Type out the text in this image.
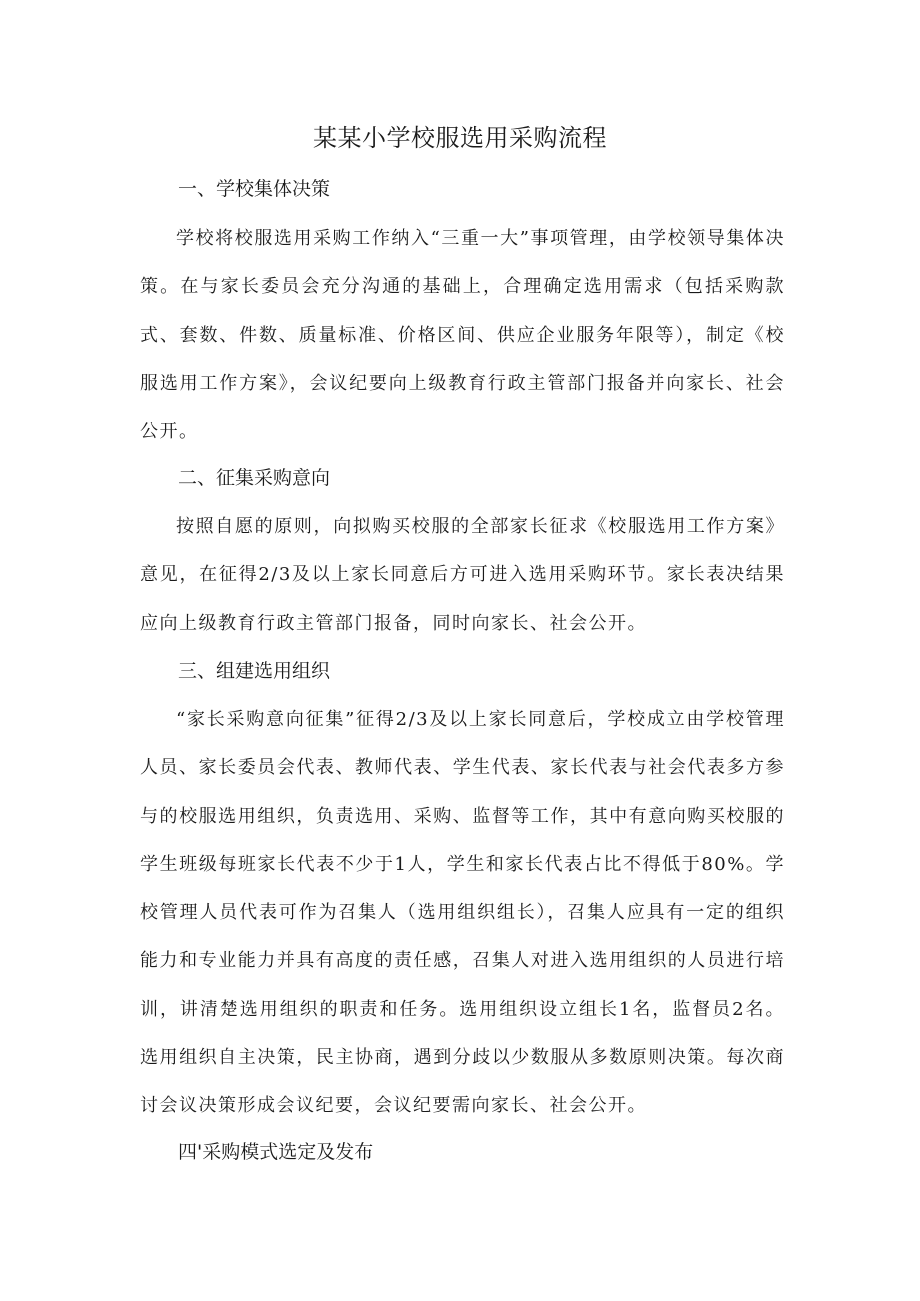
某某小学校服选用采购流程
一、学校集体决策

学校将校服选用采购工作纳入“三重一大”事项管理，由学校领导集体决策。在与家长委员会充分沟通的基础上，合理确定选用需求（包括采购款式、套数、件数、质量标准、价格区间、供应企业服务年限等），制定《校服选用工作方案》，会议纪要向上级教育行政主管部门报备并向家长、社会公开。

二、征集采购意向

按照自愿的原则，向拟购买校服的全部家长征求《校服选用工作方案》意见，在征得2/3及以上家长同意后方可进入选用采购环节。家长表决结果应向上级教育行政主管部门报备，同时向家长、社会公开。

三、组建选用组织

“家长采购意向征集”征得2/3及以上家长同意后，学校成立由学校管理人员、家长委员会代表、教师代表、学生代表、家长代表与社会代表多方参与的校服选用组织，负责选用、采购、监督等工作，其中有意向购买校服的学生班级每班家长代表不少于1人，学生和家长代表占比不得低于80%。学校管理人员代表可作为召集人（选用组织组长），召集人应具有一定的组织能力和专业能力并具有高度的责任感，召集人对进入选用组织的人员进行培训，讲清楚选用组织的职责和任务。选用组织设立组长1名，监督员2名。选用组织自主决策，民主协商，遇到分歧以少数服从多数原则决策。每次商讨会议决策形成会议纪要，会议纪要需向家长、社会公开。

四'采购模式选定及发布
